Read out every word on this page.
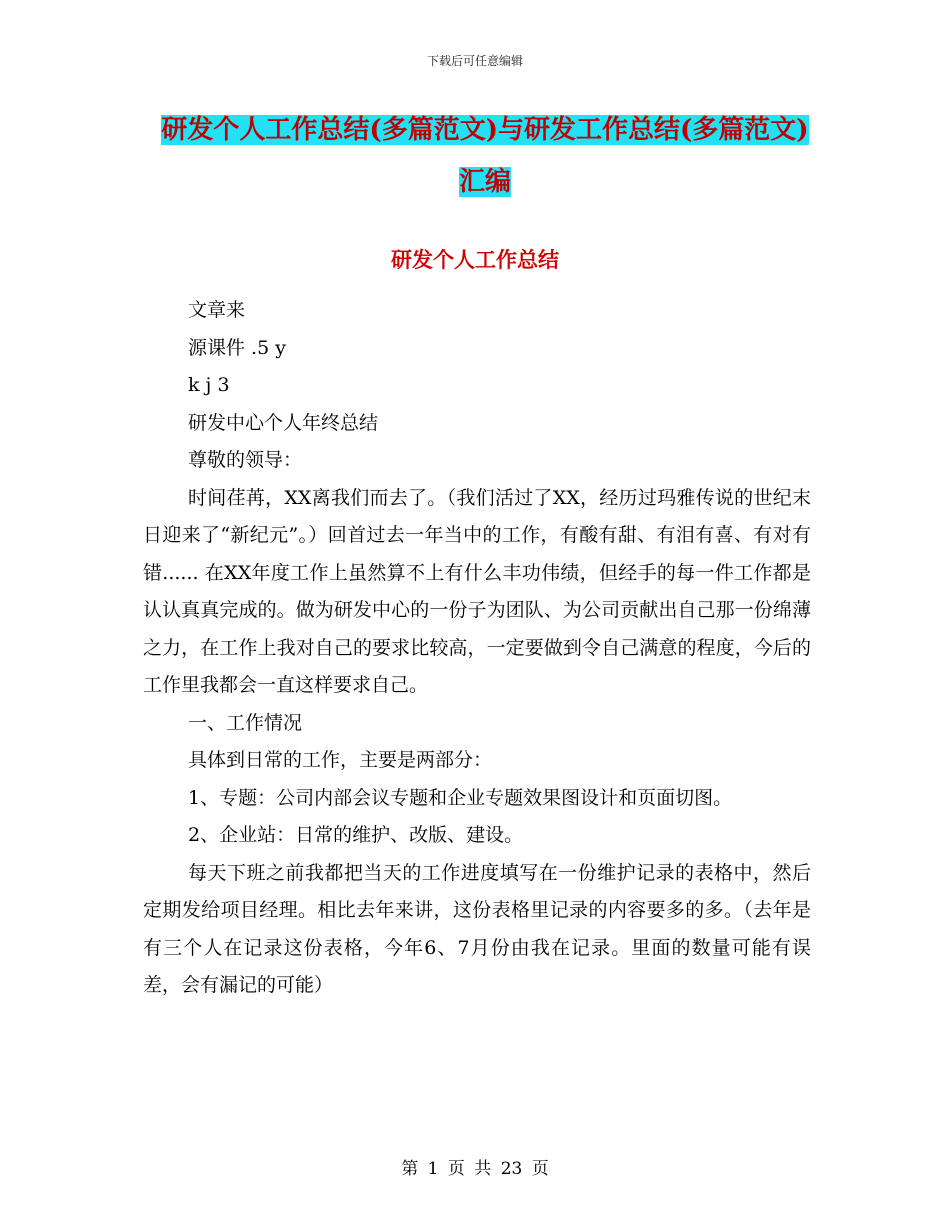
下载后可任意编辑
研发个人工作总结(多篇范文)与研发工作总结(多篇范文)汇编
研发个人工作总结

文章来

源课件 .5 y

k j 3

研发中心个人年终总结

尊敬的领导：

时间荏苒，XX离我们而去了。（我们活过了XX，经历过玛雅传说的世纪末日迎来了“新纪元”。）回首过去一年当中的工作，有酸有甜、有泪有喜、有对有错...... 在XX年度工作上虽然算不上有什么丰功伟绩，但经手的每一件工作都是认认真真完成的。做为研发中心的一份子为团队、为公司贡献出自己那一份绵薄之力，在工作上我对自己的要求比较高，一定要做到令自己满意的程度，今后的工作里我都会一直这样要求自己。

一、工作情况

具体到日常的工作，主要是两部分：

1、专题：公司内部会议专题和企业专题效果图设计和页面切图。

2、企业站：日常的维护、改版、建设。

每天下班之前我都把当天的工作进度填写在一份维护记录的表格中，然后定期发给项目经理。相比去年来讲，这份表格里记录的内容要多的多。（去年是有三个人在记录这份表格，今年6、7月份由我在记录。里面的数量可能有误差，会有漏记的可能）

第 1 页 共 23 页
